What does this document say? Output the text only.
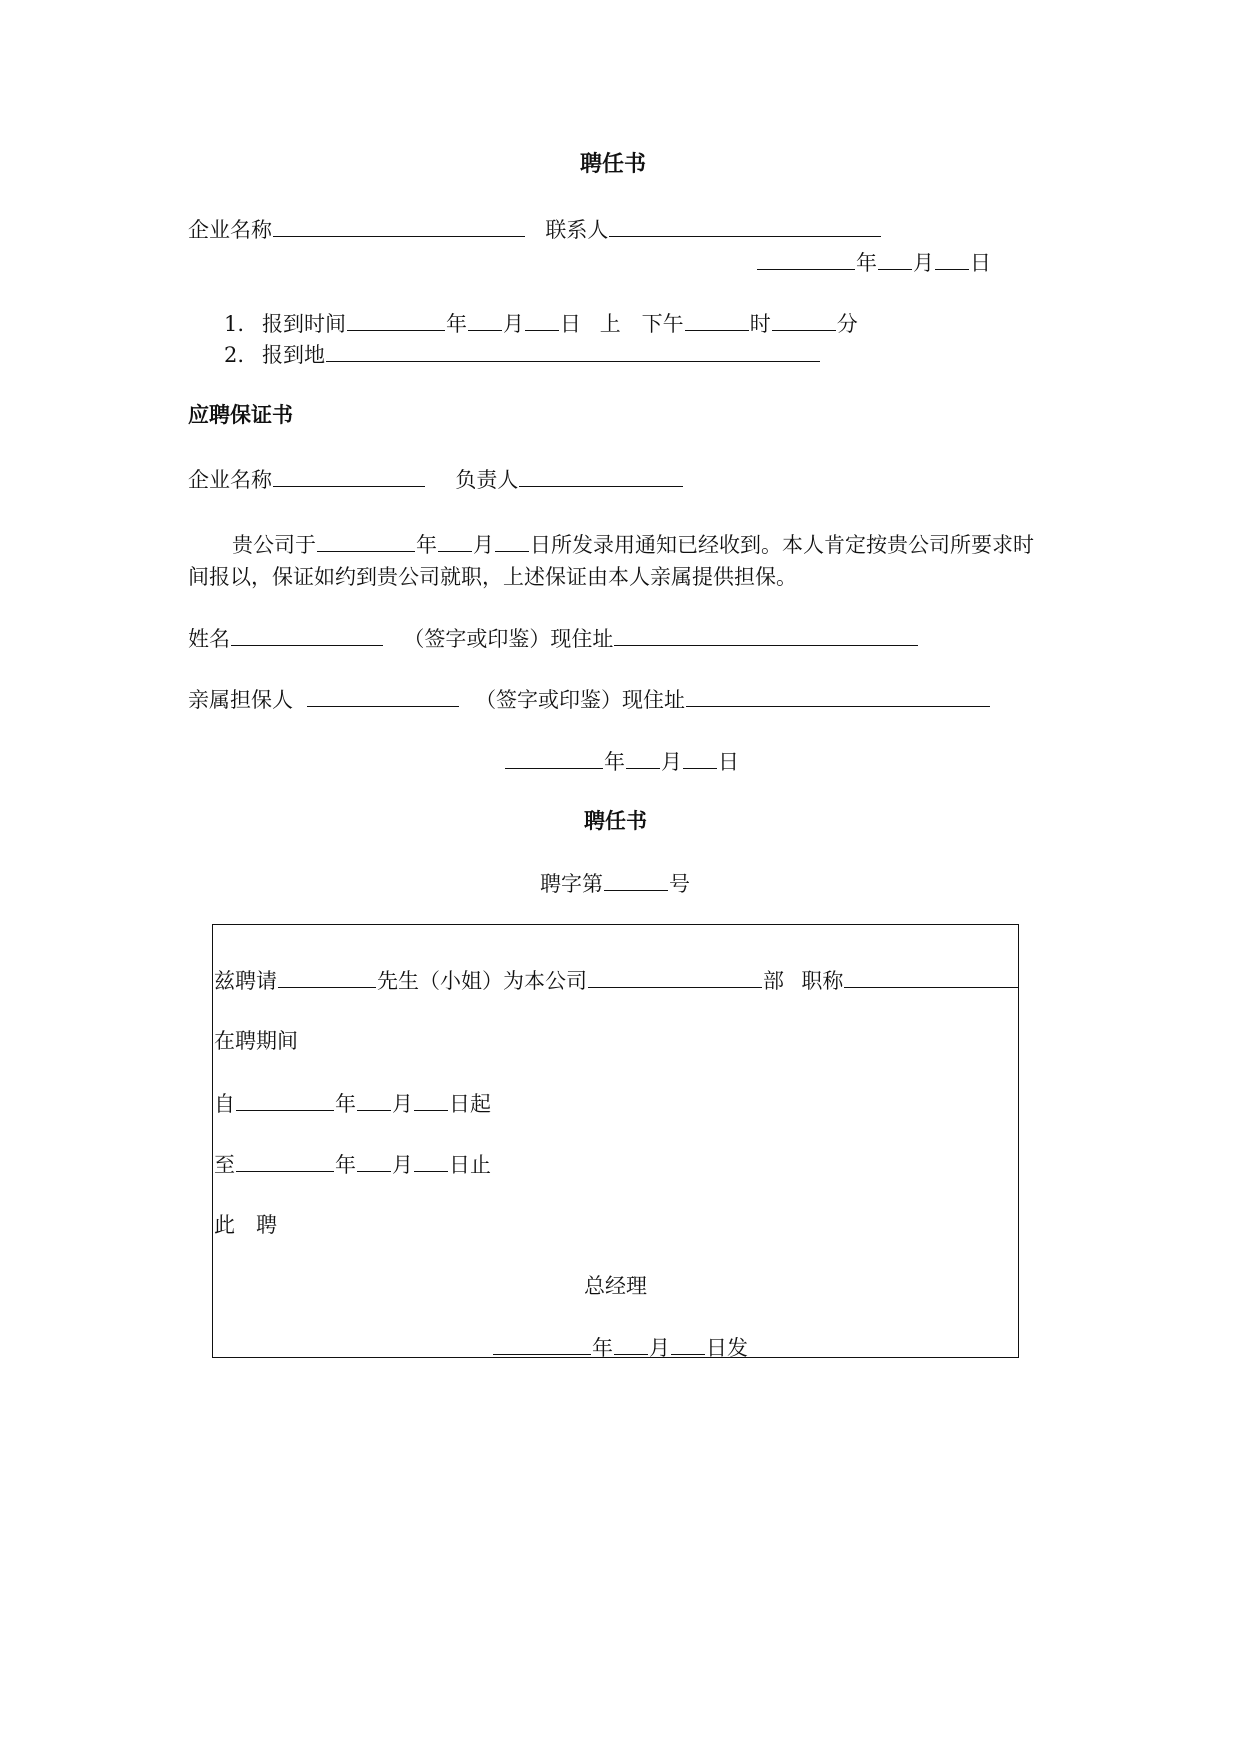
聘任书
企业名称	联系人
年 月 日
1. 报到时间	年 月 日 上　下午	时	分
2. 报到地
应聘保证书
企业名称	负责人
贵公司于	年 月 日所发录用通知已经收到。本人肯定按贵公司所要求时
间报以，保证如约到贵公司就职，上述保证由本人亲属提供担保。
姓名	（签字或印鉴）现住址
亲属担保人	（签字或印鉴）现住址
年 月 日
聘任书
聘字第	号
兹聘请	先生（小姐）为本公司	部 职称
在聘期间
自	年 月 日起
至	年 月 日止
此　聘
总经理
年 月 日发
